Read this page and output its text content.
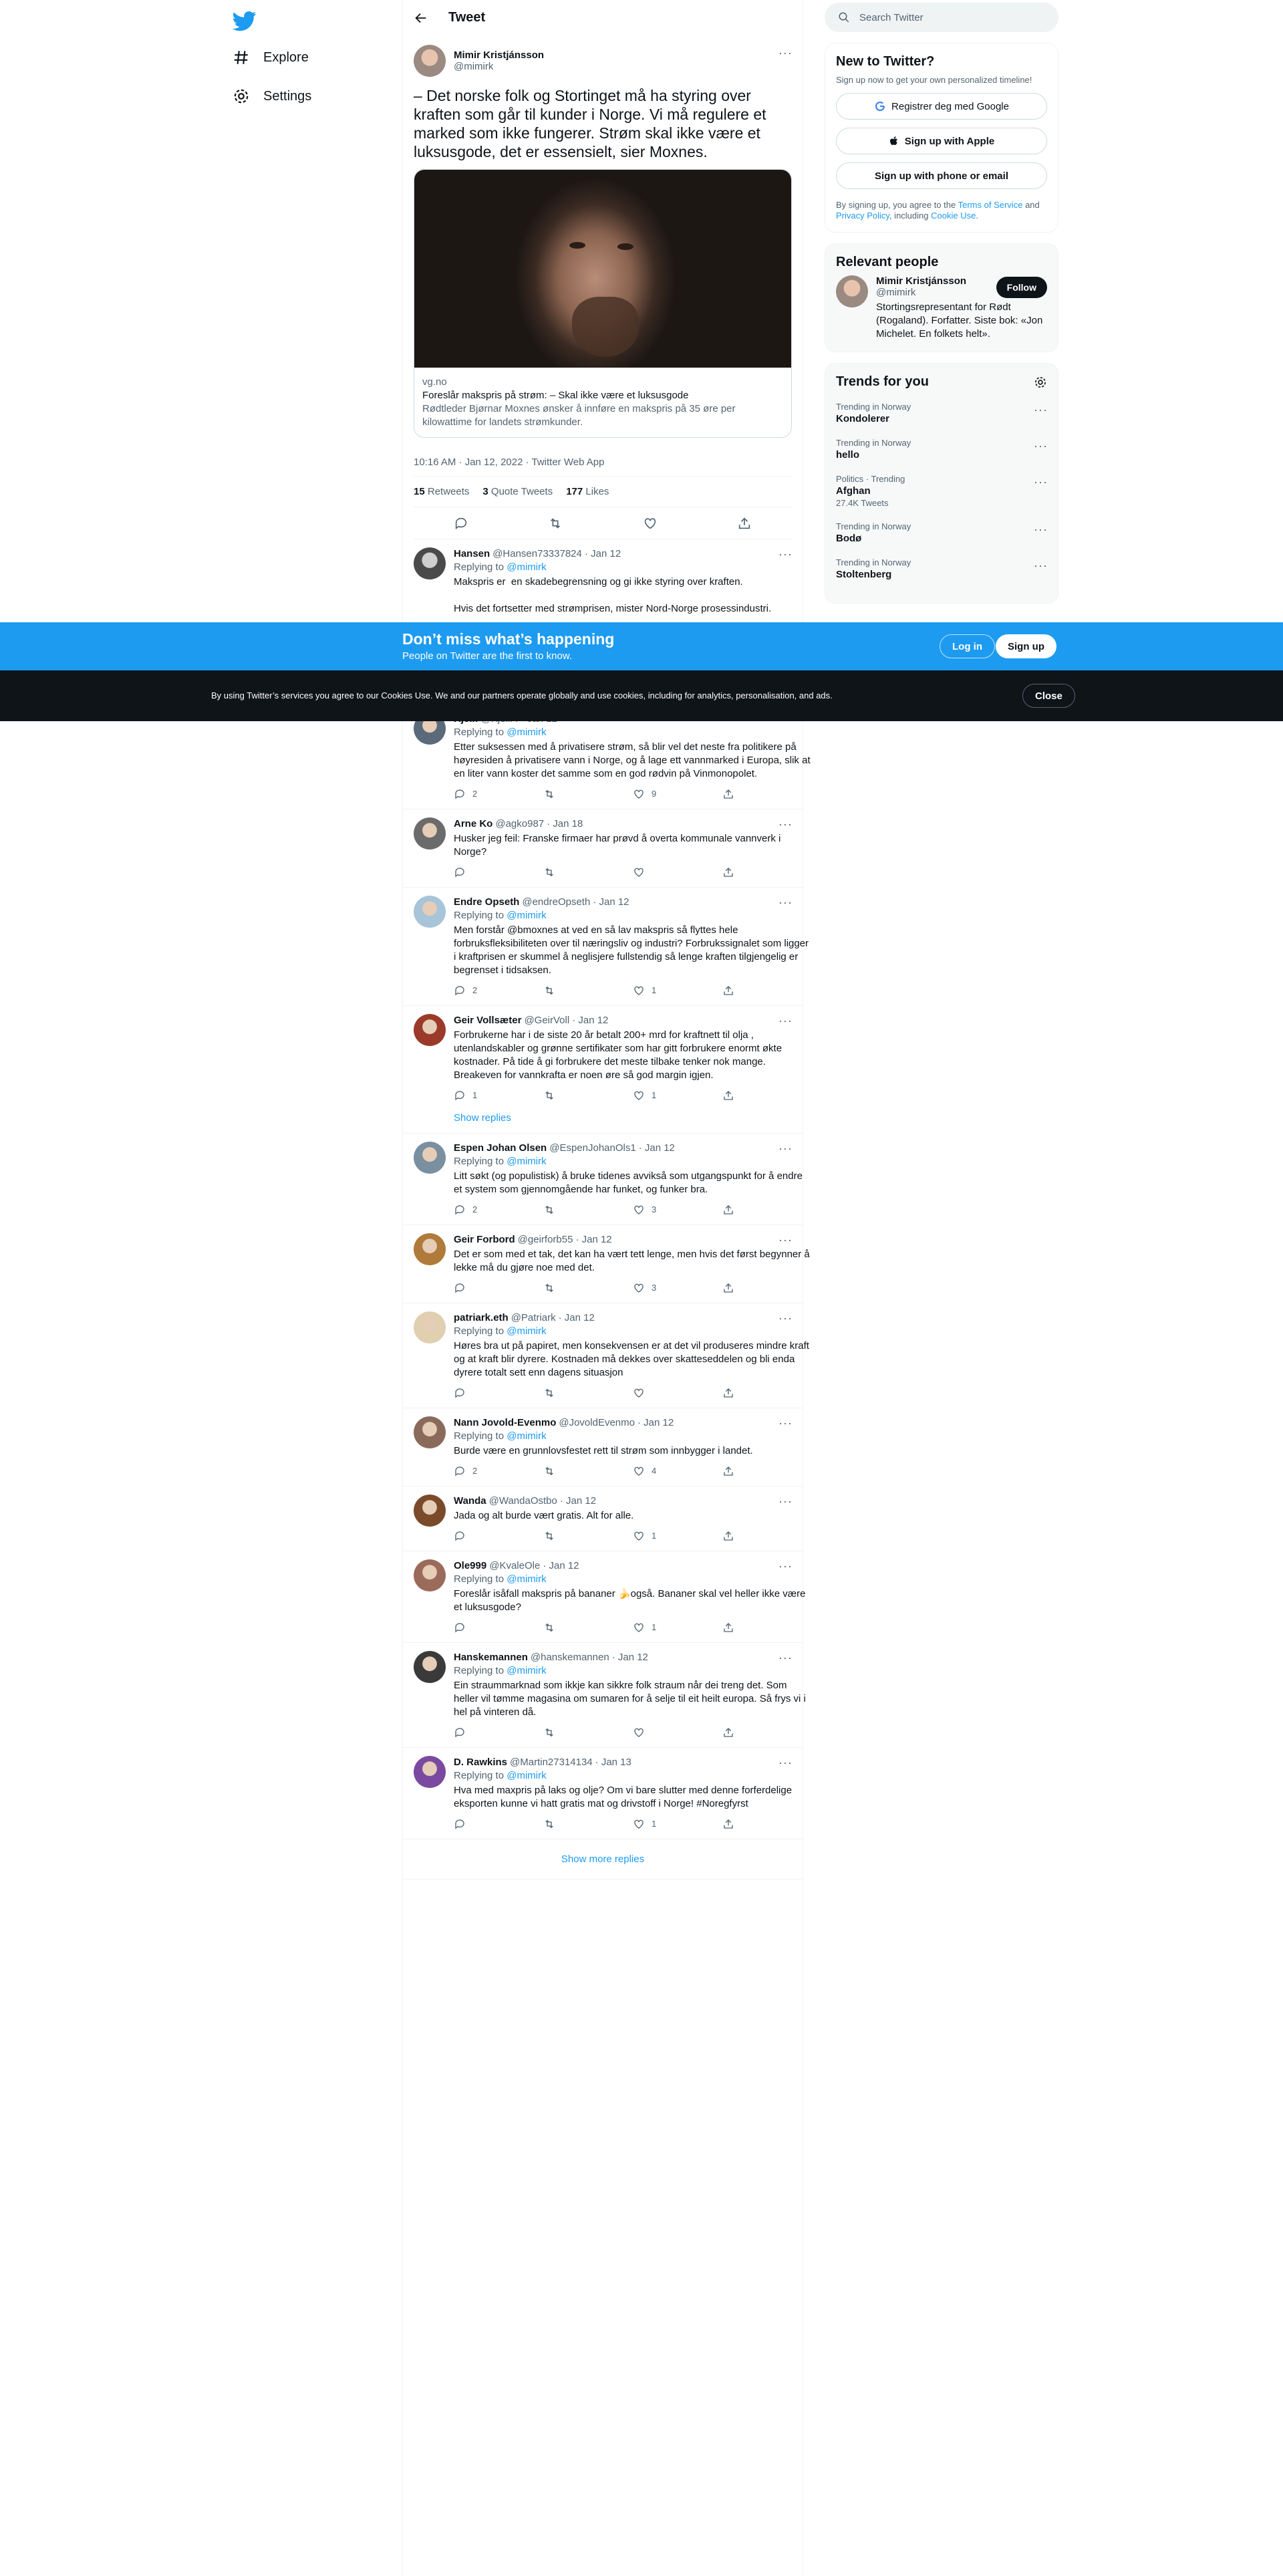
Explore
Settings
Tweet
Mimir Kristjánsson
@mimirk
···
– Det norske folk og Stortinget må ha styring over kraften som går til kunder i Norge. Vi må regulere et marked som ikke fungerer. Strøm skal ikke være et luksusgode, det er essensielt, sier Moxnes.
vg.no
Foreslår makspris på strøm: – Skal ikke være et luksusgode
Rødtleder Bjørnar Moxnes ønsker å innføre en makspris på 35 øre per kilowattime for landets strømkunder.
10:16 AM · Jan 12, 2022 · Twitter Web App
15 Retweets 3 Quote Tweets 177 Likes
Hansen @Hansen73337824 · Jan 12
Replying to @mimirk
Makspris er  en skadebegrensning og gi ikke styring over kraften.

Hvis det fortsetter med strømprisen, mister Nord-Norge prosessindustri.
···
Replying to @mimirk
Etter suksessen med å privatisere strøm, så blir vel det neste fra politikere på høyresiden å privatisere vann i Norge, og å lage ett vannmarked i Europa, slik at en liter vann koster det samme som en god rødvin på Vinmonopolet.
2	9
Arne Ko @agko987 · Jan 18
Husker jeg feil: Franske firmaer har prøvd å overta kommunale vannverk i Norge?
···
Endre Opseth @endreOpseth · Jan 12
Replying to @mimirk
Men forstår @bmoxnes at ved en så lav makspris så flyttes hele forbruksfleksibiliteten over til næringsliv og industri? Forbrukssignalet som ligger i kraftprisen er skummel å neglisjere fullstendig så lenge kraften tilgjengelig er begrenset i tidsaksen.
2	1
···
Geir Vollsæter @GeirVoll · Jan 12
Forbrukerne har i de siste 20 år betalt 200+ mrd for kraftnett til olja , utenlandskabler og grønne sertifikater som har gitt forbrukere enormt økte kostnader. På tide å gi forbrukere det meste tilbake tenker nok mange. Breakeven for vannkrafta er noen øre så god margin igjen.
1	1
Show replies
···
Espen Johan Olsen @EspenJohanOls1 · Jan 12
Replying to @mimirk
Litt søkt (og populistisk) å bruke tidenes avvikså som utgangspunkt for å endre et system som gjennomgående har funket, og funker bra.
2	3
···
Geir Forbord @geirforb55 · Jan 12
Det er som med et tak, det kan ha vært tett lenge, men hvis det først begynner å lekke må du gjøre noe med det.
3
···
patriark.eth @Patriark · Jan 12
Replying to @mimirk
Høres bra ut på papiret, men konsekvensen er at det vil produseres mindre kraft og at kraft blir dyrere. Kostnaden må dekkes over skatteseddelen og bli enda dyrere totalt sett enn dagens situasjon
···
Nann Jovold-Evenmo @JovoldEvenmo · Jan 12
Replying to @mimirk
Burde være en grunnlovsfestet rett til strøm som innbygger i landet.
2	4
···
Wanda @WandaOstbo · Jan 12
Jada og alt burde vært gratis. Alt for alle.
1
···
Ole999 @KvaleOle · Jan 12
Replying to @mimirk
Foreslår isåfall makspris på bananer 🍌også. Bananer skal vel heller ikke være et luksusgode?
1
···
Hanskemannen @hanskemannen · Jan 12
Replying to @mimirk
Ein straummarknad som ikkje kan sikkre folk straum når dei treng det. Som heller vil tømme magasina om sumaren for å selje til eit heilt europa. Så frys vi i hel på vinteren då.
···
D. Rawkins @Martin27314134 · Jan 13
Replying to @mimirk
Hva med maxpris på laks og olje? Om vi bare slutter med denne forferdelige eksporten kunne vi hatt gratis mat og drivstoff i Norge! #Noregfyrst
1
···
Show more replies
Search Twitter
New to Twitter?
Sign up now to get your own personalized timeline!
Registrer deg med Google
Sign up with Apple
Sign up with phone or email
By signing up, you agree to the Terms of Service and Privacy Policy, including Cookie Use.
Relevant people
Mimir Kristjánsson
@mimirk
Stortingsrepresentant for Rødt (Rogaland). Forfatter. Siste bok: «Jon Michelet. En folkets helt».
Follow
Trends for you
Trending in Norway
Kondolerer
···
Trending in Norway
hello
···
Politics · Trending
Afghan
27.4K Tweets
···
Trending in Norway
Bodø
···
Trending in Norway
Stoltenberg
···
Don’t miss what’s happening
People on Twitter are the first to know.
Log in	Sign up
By using Twitter’s services you agree to our Cookies Use. We and our partners operate globally and use cookies, including for analytics, personalisation, and ads.	Close
